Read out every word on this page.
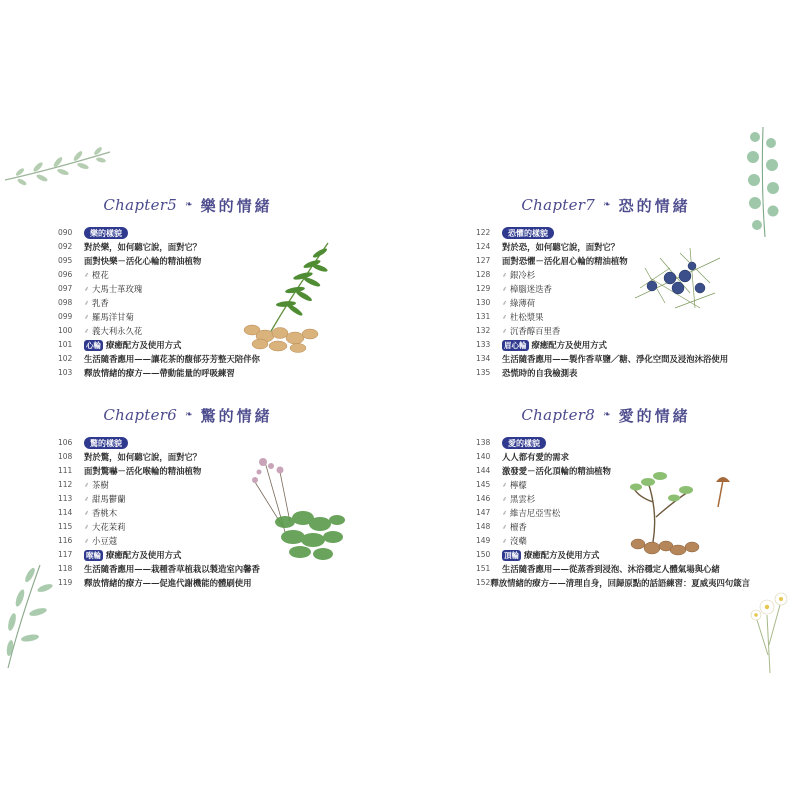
Chapter5 ❧ 樂的情緒
090	樂的樣貌
092	對於樂，如何聽它說，面對它？
095	面對快樂－活化心輪的精油植物
096	⸙ 橙花
097	⸙ 大馬士革玫瑰
098	⸙ 乳香
099	⸙ 羅馬洋甘菊
100	⸙ 義大利永久花
101	心輪 療癒配方及使用方式
102	生活隨香應用——讓花茶的馥郁芬芳整天陪伴你
103	釋放情緒的療方——帶動能量的呼吸練習
Chapter6 ❧ 驚的情緒
106	驚的樣貌
108	對於驚，如何聽它說，面對它？
111	面對驚嚇－活化喉輪的精油植物
112	⸙ 茶樹
113	⸙ 甜馬鬱蘭
114	⸙ 香桃木
115	⸙ 大花茉莉
116	⸙ 小豆蔻
117	喉輪 療癒配方及使用方式
118	生活隨香應用——栽種香草植栽以製造室內馨香
119	釋放情緒的療方——促進代謝機能的體刷使用
Chapter7 ❧ 恐的情緒
122	恐懼的樣貌
124	對於恐，如何聽它說，面對它？
127	面對恐懼－活化眉心輪的精油植物
128	⸙ 銀冷杉
129	⸙ 樟腦迷迭香
130	⸙ 綠薄荷
131	⸙ 杜松漿果
132	⸙ 沉香醇百里香
133	眉心輪 療癒配方及使用方式
134	生活隨香應用——製作香草鹽／糖、淨化空間及浸泡沐浴使用
135	恐慌時的自我檢測表
Chapter8 ❧ 愛的情緒
138	愛的樣貌
140	人人都有愛的需求
144	激發愛－活化頂輪的精油植物
145	⸙ 檸檬
146	⸙ 黑雲杉
147	⸙ 維吉尼亞雪松
148	⸙ 檀香
149	⸙ 沒藥
150	頂輪 療癒配方及使用方式
151	生活隨香應用——從蒸香到浸泡、沐浴穩定人體氣場與心緒
152 釋放情緒的療方——清理自身，回歸原點的話語練習：夏威夷四句箴言
